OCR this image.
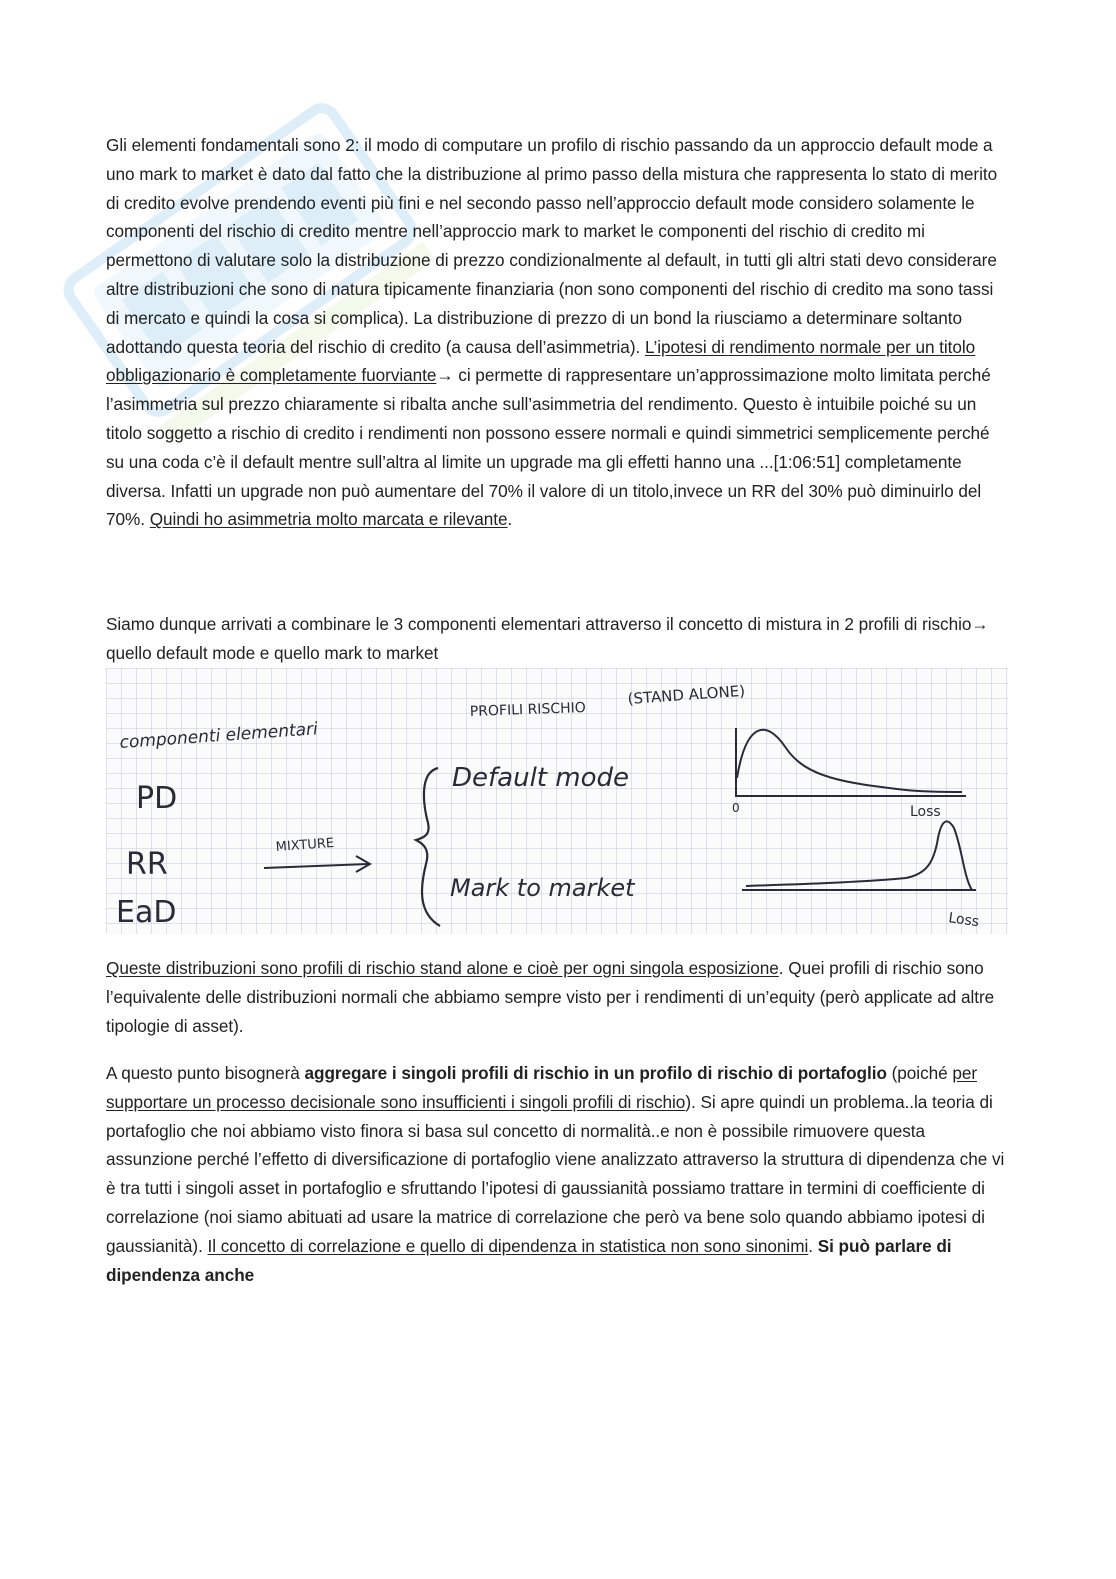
Gli elementi fondamentali sono 2: il modo di computare un profilo di rischio passando da un approccio default mode a uno mark to market è dato dal fatto che la distribuzione al primo passo della mistura che rappresenta lo stato di merito di credito evolve prendendo eventi più fini e nel secondo passo nell’approccio default mode considero solamente le componenti del rischio di credito mentre nell’approccio mark to market le componenti del rischio di credito mi permettono di valutare solo la distribuzione di prezzo condizionalmente al default, in tutti gli altri stati devo considerare altre distribuzioni che sono di natura tipicamente finanziaria (non sono componenti del rischio di credito ma sono tassi di mercato e quindi la cosa si complica). La distribuzione di prezzo di un bond la riusciamo a determinare soltanto adottando questa teoria del rischio di credito (a causa dell’asimmetria). L’ipotesi di rendimento normale per un titolo obbligazionario è completamente fuorviante→ ci permette di rappresentare un’approssimazione molto limitata perché l’asimmetria sul prezzo chiaramente si ribalta anche sull’asimmetria del rendimento. Questo è intuibile poiché su un titolo soggetto a rischio di credito i rendimenti non possono essere normali e quindi simmetrici semplicemente perché su una coda c’è il default mentre sull’altra al limite un upgrade ma gli effetti hanno una ...[1:06:51] completamente diversa. Infatti un upgrade non può aumentare del 70% il valore di un titolo,invece un RR del 30% può diminuirlo del 70%. Quindi ho asimmetria molto marcata e rilevante.

Siamo dunque arrivati a combinare le 3 componenti elementari attraverso il concetto di mistura in 2 profili di rischio→ quello default mode e quello mark to market

componenti elementari
PD
RR
EaD
MIXTURE
PROFILI RISCHIO
(STAND ALONE)
Default mode
Mark to market
0	Loss
Loss

Queste distribuzioni sono profili di rischio stand alone e cioè per ogni singola esposizione. Quei profili di rischio sono l’equivalente delle distribuzioni normali che abbiamo sempre visto per i rendimenti di un’equity (però applicate ad altre tipologie di asset).

A questo punto bisognerà aggregare i singoli profili di rischio in un profilo di rischio di portafoglio (poiché per supportare un processo decisionale sono insufficienti i singoli profili di rischio). Si apre quindi un problema..la teoria di portafoglio che noi abbiamo visto finora si basa sul concetto di normalità..e non è possibile rimuovere questa assunzione perché l’effetto di diversificazione di portafoglio viene analizzato attraverso la struttura di dipendenza che vi è tra tutti i singoli asset in portafoglio e sfruttando l’ipotesi di gaussianità possiamo trattare in termini di coefficiente di correlazione (noi siamo abituati ad usare la matrice di correlazione che però va bene solo quando abbiamo ipotesi di gaussianità). Il concetto di correlazione e quello di dipendenza in statistica non sono sinonimi. Si può parlare di dipendenza anche
